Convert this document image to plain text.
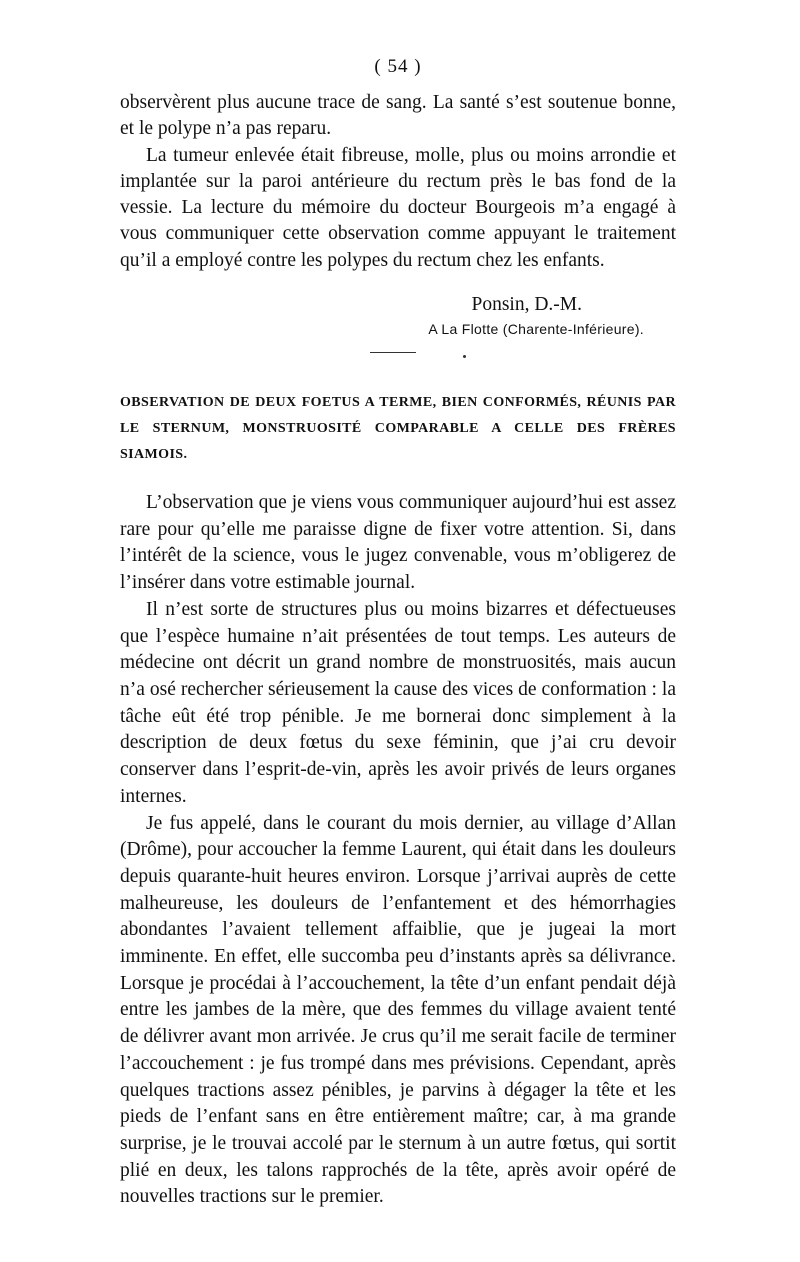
( 54 )

observèrent plus aucune trace de sang. La santé s’est soutenue bonne, et le polype n’a pas reparu.

La tumeur enlevée était fibreuse, molle, plus ou moins arrondie et implantée sur la paroi antérieure du rectum près le bas fond de la vessie. La lecture du mémoire du docteur Bourgeois m’a engagé à vous communiquer cette observation comme appuyant le traitement qu’il a employé contre les polypes du rectum chez les enfants.

Ponsin, D.-M.
A La Flotte (Charente-Inférieure).
OBSERVATION DE DEUX FOETUS A TERME, BIEN CONFORMÉS, RÉUNIS PAR LE STERNUM, MONSTRUOSITÉ COMPARABLE A CELLE DES FRÈRES SIAMOIS.

L’observation que je viens vous communiquer aujourd’hui est assez rare pour qu’elle me paraisse digne de fixer votre attention. Si, dans l’intérêt de la science, vous le jugez convenable, vous m’obligerez de l’insérer dans votre estimable journal.

Il n’est sorte de structures plus ou moins bizarres et défectueuses que l’espèce humaine n’ait présentées de tout temps. Les auteurs de médecine ont décrit un grand nombre de monstruosités, mais aucun n’a osé rechercher sérieusement la cause des vices de conformation : la tâche eût été trop pénible. Je me bornerai donc simplement à la description de deux fœtus du sexe féminin, que j’ai cru devoir conserver dans l’esprit-de-vin, après les avoir privés de leurs organes internes.

Je fus appelé, dans le courant du mois dernier, au village d’Allan (Drôme), pour accoucher la femme Laurent, qui était dans les douleurs depuis quarante-huit heures environ. Lorsque j’arrivai auprès de cette malheureuse, les douleurs de l’enfantement et des hémorrhagies abondantes l’avaient tellement affaiblie, que je jugeai la mort imminente. En effet, elle succomba peu d’instants après sa délivrance. Lorsque je procédai à l’accouchement, la tête d’un enfant pendait déjà entre les jambes de la mère, que des femmes du village avaient tenté de délivrer avant mon arrivée. Je crus qu’il me serait facile de terminer l’accouchement : je fus trompé dans mes prévisions. Cependant, après quelques tractions assez pénibles, je parvins à dégager la tête et les pieds de l’enfant sans en être entièrement maître; car, à ma grande surprise, je le trouvai accolé par le sternum à un autre fœtus, qui sortit plié en deux, les talons rapprochés de la tête, après avoir opéré de nouvelles tractions sur le premier.
